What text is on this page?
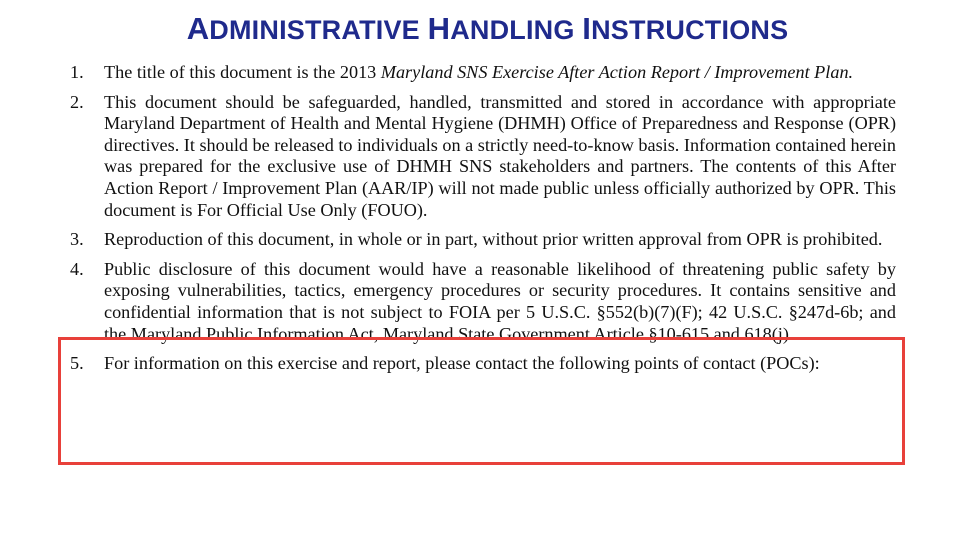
ADMINISTRATIVE HANDLING INSTRUCTIONS
1.	The title of this document is the 2013 Maryland SNS Exercise After Action Report / Improvement Plan.
2.	This document should be safeguarded, handled, transmitted and stored in accordance with appropriate Maryland Department of Health and Mental Hygiene (DHMH) Office of Preparedness and Response (OPR) directives. It should be released to individuals on a strictly need-to-know basis. Information contained herein was prepared for the exclusive use of DHMH SNS stakeholders and partners. The contents of this After Action Report / Improvement Plan (AAR/IP) will not made public unless officially authorized by OPR. This document is For Official Use Only (FOUO).
3.	Reproduction of this document, in whole or in part, without prior written approval from OPR is prohibited.
4.	Public disclosure of this document would have a reasonable likelihood of threatening public safety by exposing vulnerabilities, tactics, emergency procedures or security procedures. It contains sensitive and confidential information that is not subject to FOIA per 5 U.S.C. §552(b)(7)(F); 42 U.S.C. §247d-6b; and the Maryland Public Information Act, Maryland State Government Article §10-615 and 618(j).
5.	For information on this exercise and report, please contact the following points of contact (POCs):
